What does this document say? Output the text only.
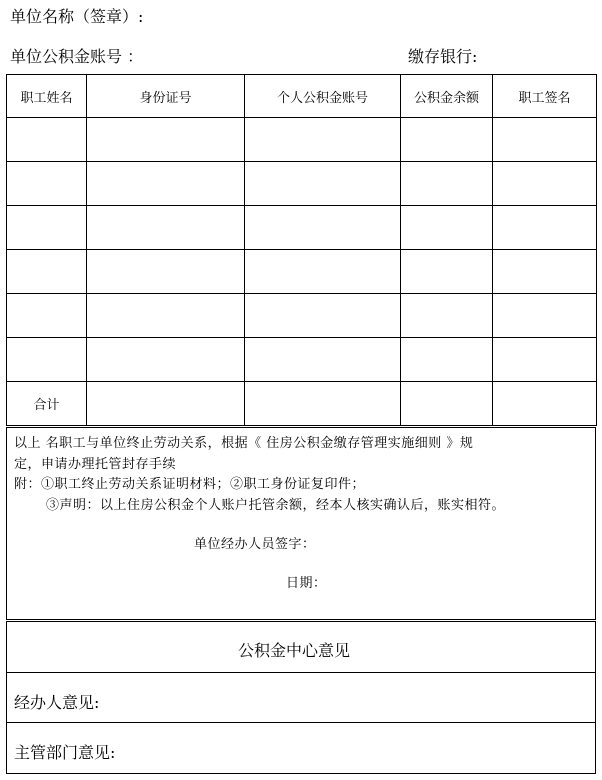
单位名称（签章）:
单位公积金账号 ：	缴存银行:
职工姓名	身份证号	个人公积金账号	公积金余额	职工签名

合计				
以上 名职工与单位终止劳动关系，根据《 住房公积金缴存管理实施细则 》规
定，申请办理托管封存手续
附：①职工终止劳动关系证明材料；②职工身份证复印件；
③声明：以上住房公积金个人账户托管余额，经本人核实确认后，账实相符。
单位经办人员签字：
日期：
公积金中心意见
经办人意见:
主管部门意见:
